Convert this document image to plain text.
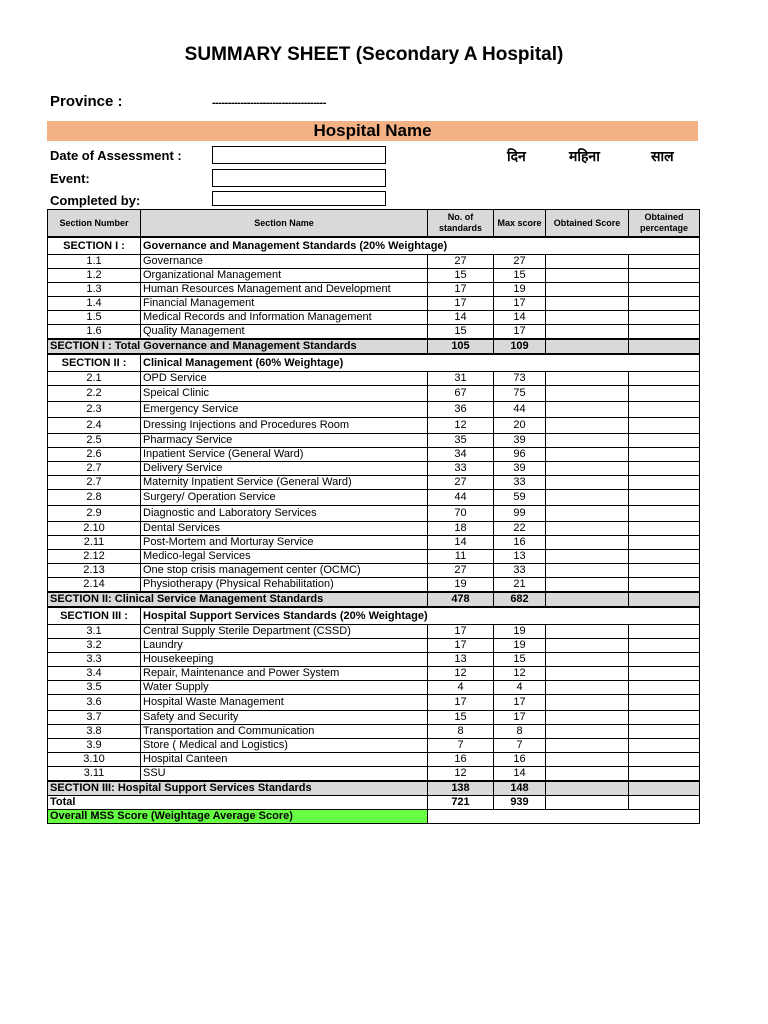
SUMMARY SHEET (Secondary A Hospital)
Province :	------------------------------------
Hospital Name
Date of Assessment :	दिन	महिना	साल
Event:
Completed by:
Section Number	Section Name	No. of standards	Max score	Obtained Score	Obtained percentage
SECTION I :	Governance and Management Standards (20% Weightage)				
1.1	Governance	27	27		
1.2	Organizational Management	15	15		
1.3	Human Resources Management and Development	17	19		
1.4	Financial Management	17	17		
1.5	Medical Records and Information Management	14	14		
1.6	Quality Management	15	17		
SECTION I : Total Governance and Management Standards		105	109		
SECTION II :	Clinical Management (60% Weightage)				
2.1	OPD Service	31	73		
2.2	Speical Clinic	67	75		
2.3	Emergency Service	36	44		
2.4	Dressing Injections and Procedures Room	12	20		
2.5	Pharmacy Service	35	39		
2.6	Inpatient Service (General Ward)	34	96		
2.7	Delivery Service	33	39		
2.7	Maternity Inpatient Service (General Ward)	27	33		
2.8	Surgery/ Operation Service	44	59		
2.9	Diagnostic and Laboratory Services	70	99		
2.10	Dental Services	18	22		
2.11	Post-Mortem and Morturay Service	14	16		
2.12	Medico-legal Services	11	13		
2.13	One stop crisis management center (OCMC)	27	33		
2.14	Physiotherapy (Physical Rehabilitation)	19	21		
SECTION II: Clinical Service Management Standards		478	682		
SECTION III :	Hospital Support Services Standards (20% Weightage)				
3.1	Central Supply Sterile Department (CSSD)	17	19		
3.2	Laundry	17	19		
3.3	Housekeeping	13	15		
3.4	Repair, Maintenance and Power System	12	12		
3.5	Water Supply	4	4		
3.6	Hospital Waste Management	17	17		
3.7	Safety and Security	15	17		
3.8	Transportation and Communication	8	8		
3.9	Store ( Medical and Logistics)	7	7		
3.10	Hospital Canteen	16	16		
3.11	SSU	12	14		
SECTION III: Hospital Support Services Standards		138	148		
Total		721	939		
Overall MSS Score (Weightage Average Score)					
